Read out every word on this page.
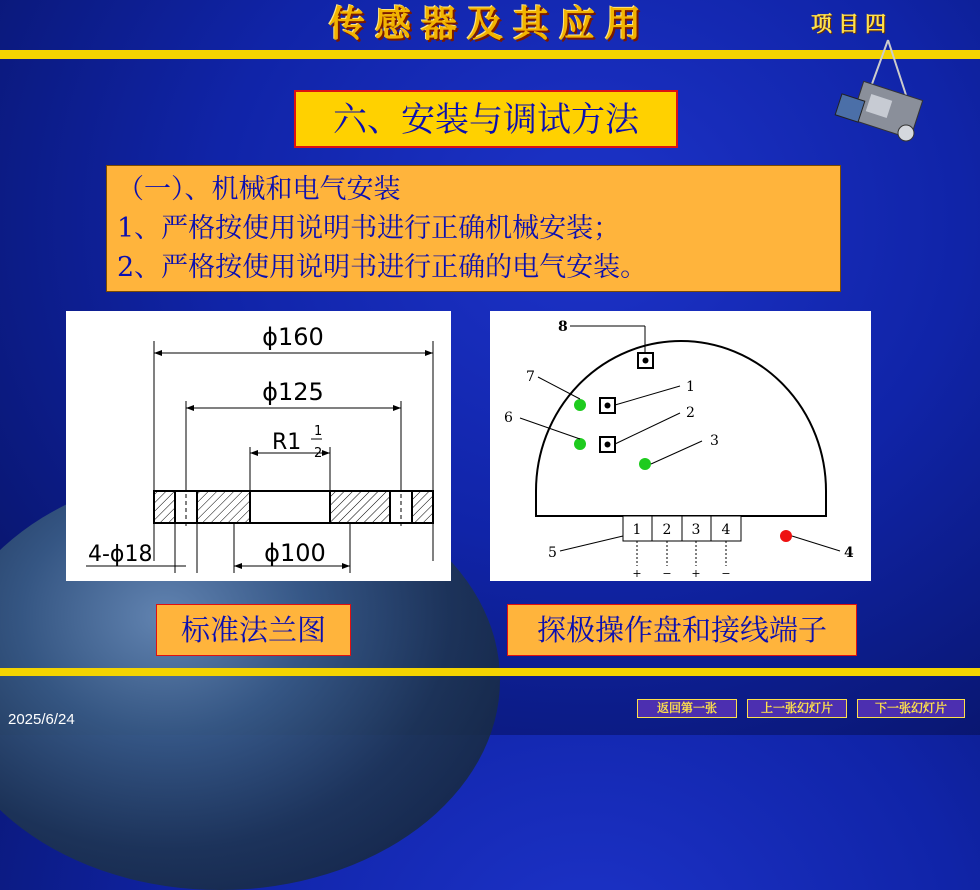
传感器及其应用	项目四
六、安装与调试方法
（一）、机械和电气安装
1、严格按使用说明书进行正确机械安装；
2、严格按使用说明书进行正确的电气安装。
ϕ160
ϕ125
R1 1
2
ϕ100
4-ϕ18
1 2 3 4
+ − + −
8
7
6
1
2
3
5	4
标准法兰图	探极操作盘和接线端子
2025/6/24
返回第一张	上一张幻灯片	下一张幻灯片
